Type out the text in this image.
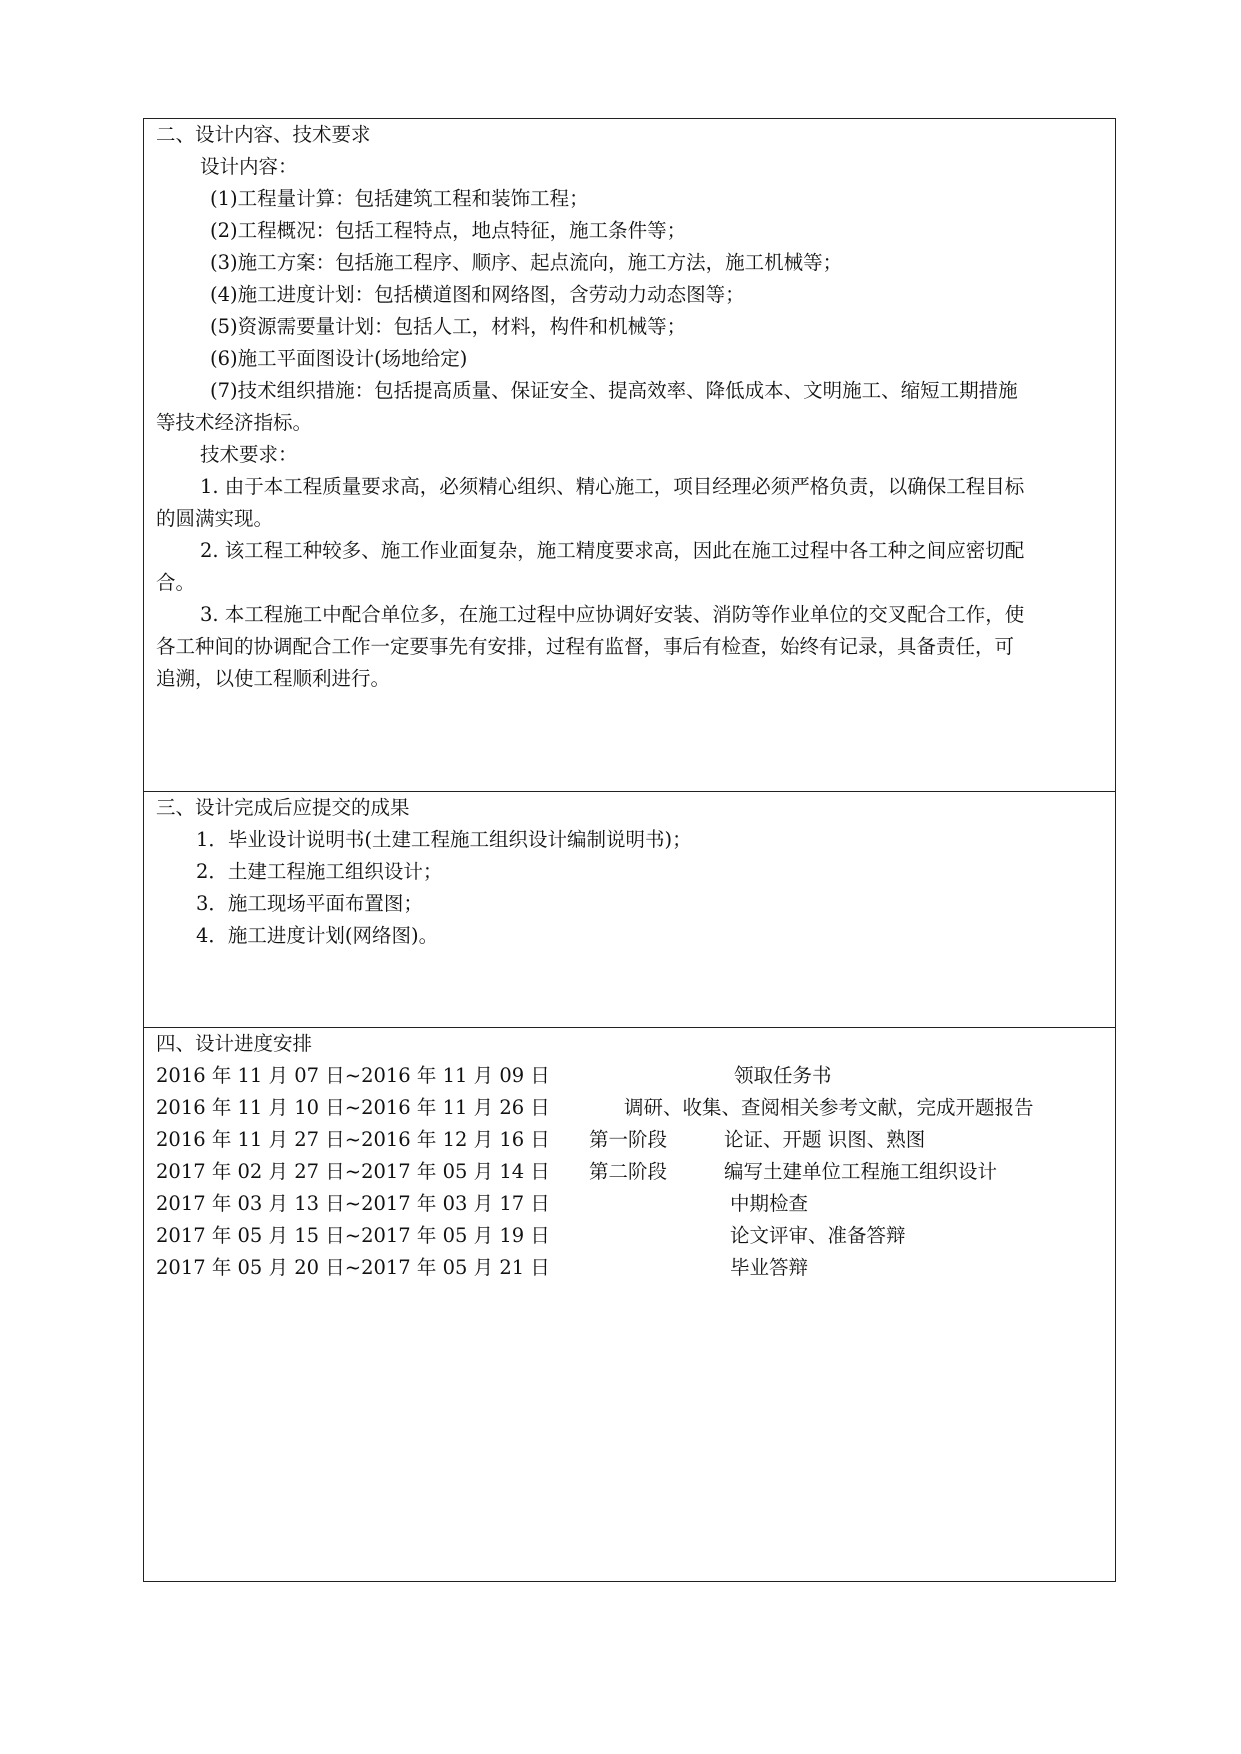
二、设计内容、技术要求
设计内容：
(1)工程量计算：包括建筑工程和装饰工程；
(2)工程概况：包括工程特点，地点特征，施工条件等；
(3)施工方案：包括施工程序、顺序、起点流向，施工方法，施工机械等；
(4)施工进度计划：包括横道图和网络图，含劳动力动态图等；
(5)资源需要量计划：包括人工，材料，构件和机械等；
(6)施工平面图设计(场地给定)
(7)技术组织措施：包括提高质量、保证安全、提高效率、降低成本、文明施工、缩短工期措施
等技术经济指标。
技术要求：
1. 由于本工程质量要求高，必须精心组织、精心施工，项目经理必须严格负责，以确保工程目标
的圆满实现。
2. 该工程工种较多、施工作业面复杂，施工精度要求高，因此在施工过程中各工种之间应密切配
合。
3. 本工程施工中配合单位多，在施工过程中应协调好安装、消防等作业单位的交叉配合工作，使
各工种间的协调配合工作一定要事先有安排，过程有监督，事后有检查，始终有记录，具备责任，可
追溯，以使工程顺利进行。
三、设计完成后应提交的成果
1．毕业设计说明书(土建工程施工组织设计编制说明书)；
2．土建工程施工组织设计；
3．施工现场平面布置图；
4．施工进度计划(网络图)。
四、设计进度安排
2016 年 11 月 07 日~2016 年 11 月 09 日	领取任务书
2016 年 11 月 10 日~2016 年 11 月 26 日	调研、收集、查阅相关参考文献，完成开题报告
2016 年 11 月 27 日~2016 年 12 月 16 日 第一阶段	论证、开题 识图、熟图
2017 年 02 月 27 日~2017 年 05 月 14 日 第二阶段	编写土建单位工程施工组织设计
2017 年 03 月 13 日~2017 年 03 月 17 日	中期检查
2017 年 05 月 15 日~2017 年 05 月 19 日	论文评审、准备答辩
2017 年 05 月 20 日~2017 年 05 月 21 日	毕业答辩
